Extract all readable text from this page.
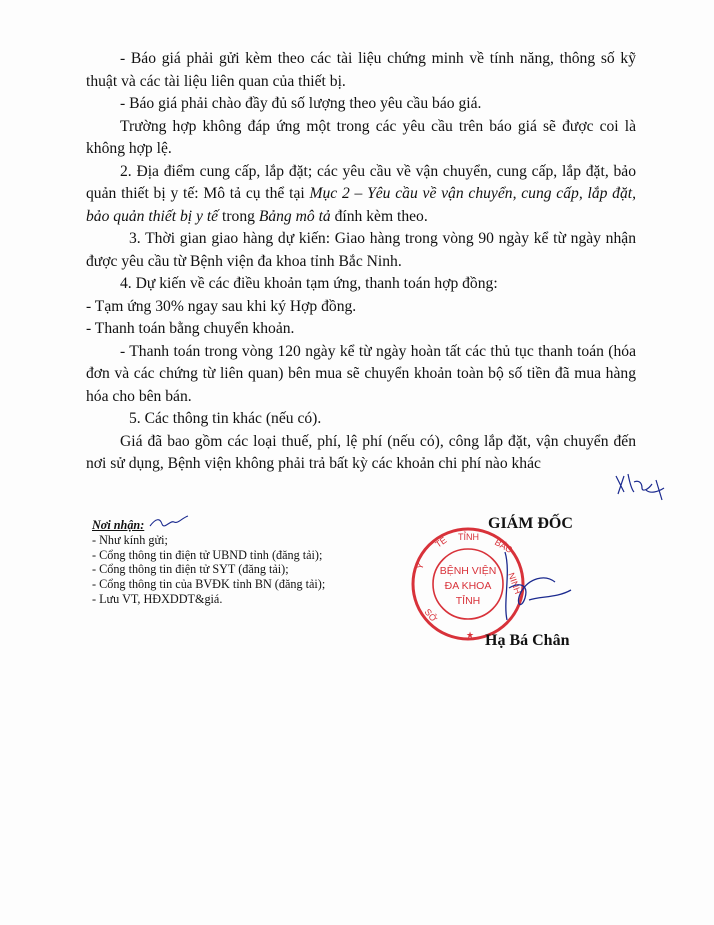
- Báo giá phải gửi kèm theo các tài liệu chứng minh về tính năng, thông số kỹ thuật và các tài liệu liên quan của thiết bị.

- Báo giá phải chào đầy đủ số lượng theo yêu cầu báo giá.

Trường hợp không đáp ứng một trong các yêu cầu trên báo giá sẽ được coi là không hợp lệ.

2. Địa điểm cung cấp, lắp đặt; các yêu cầu về vận chuyển, cung cấp, lắp đặt, bảo quản thiết bị y tế: Mô tả cụ thể tại Mục 2 – Yêu cầu về vận chuyển, cung cấp, lắp đặt, bảo quản thiết bị y tế trong Bảng mô tả đính kèm theo.

3. Thời gian giao hàng dự kiến: Giao hàng trong vòng 90 ngày kể từ ngày nhận được yêu cầu từ Bệnh viện đa khoa tỉnh Bắc Ninh.

4. Dự kiến về các điều khoản tạm ứng, thanh toán hợp đồng:

- Tạm ứng 30% ngay sau khi ký Hợp đồng.

- Thanh toán bằng chuyển khoản.

- Thanh toán trong vòng 120 ngày kể từ ngày hoàn tất các thủ tục thanh toán (hóa đơn và các chứng từ liên quan) bên mua sẽ chuyển khoản toàn bộ số tiền đã mua hàng hóa cho bên bán.

5. Các thông tin khác (nếu có).

Giá đã bao gồm các loại thuế, phí, lệ phí (nếu có), công lắp đặt, vận chuyển đến nơi sử dụng, Bệnh viện không phải trả bất kỳ các khoản chi phí nào khác

Nơi nhận:
- Như kính gửi;
- Cổng thông tin điện tử UBND tỉnh (đăng tải);
- Cổng thông tin điện tử SYT (đăng tải);
- Cổng thông tin của BVĐK tỉnh BN (đăng tải);
- Lưu VT, HĐXDDT&giá.
GIÁM ĐỐC
TẾ TỈNH
BẮC
NINH
Y
SỞ
BỆNH VIỆN
ĐA KHOA
TỈNH
★ Hạ Bá Chân
